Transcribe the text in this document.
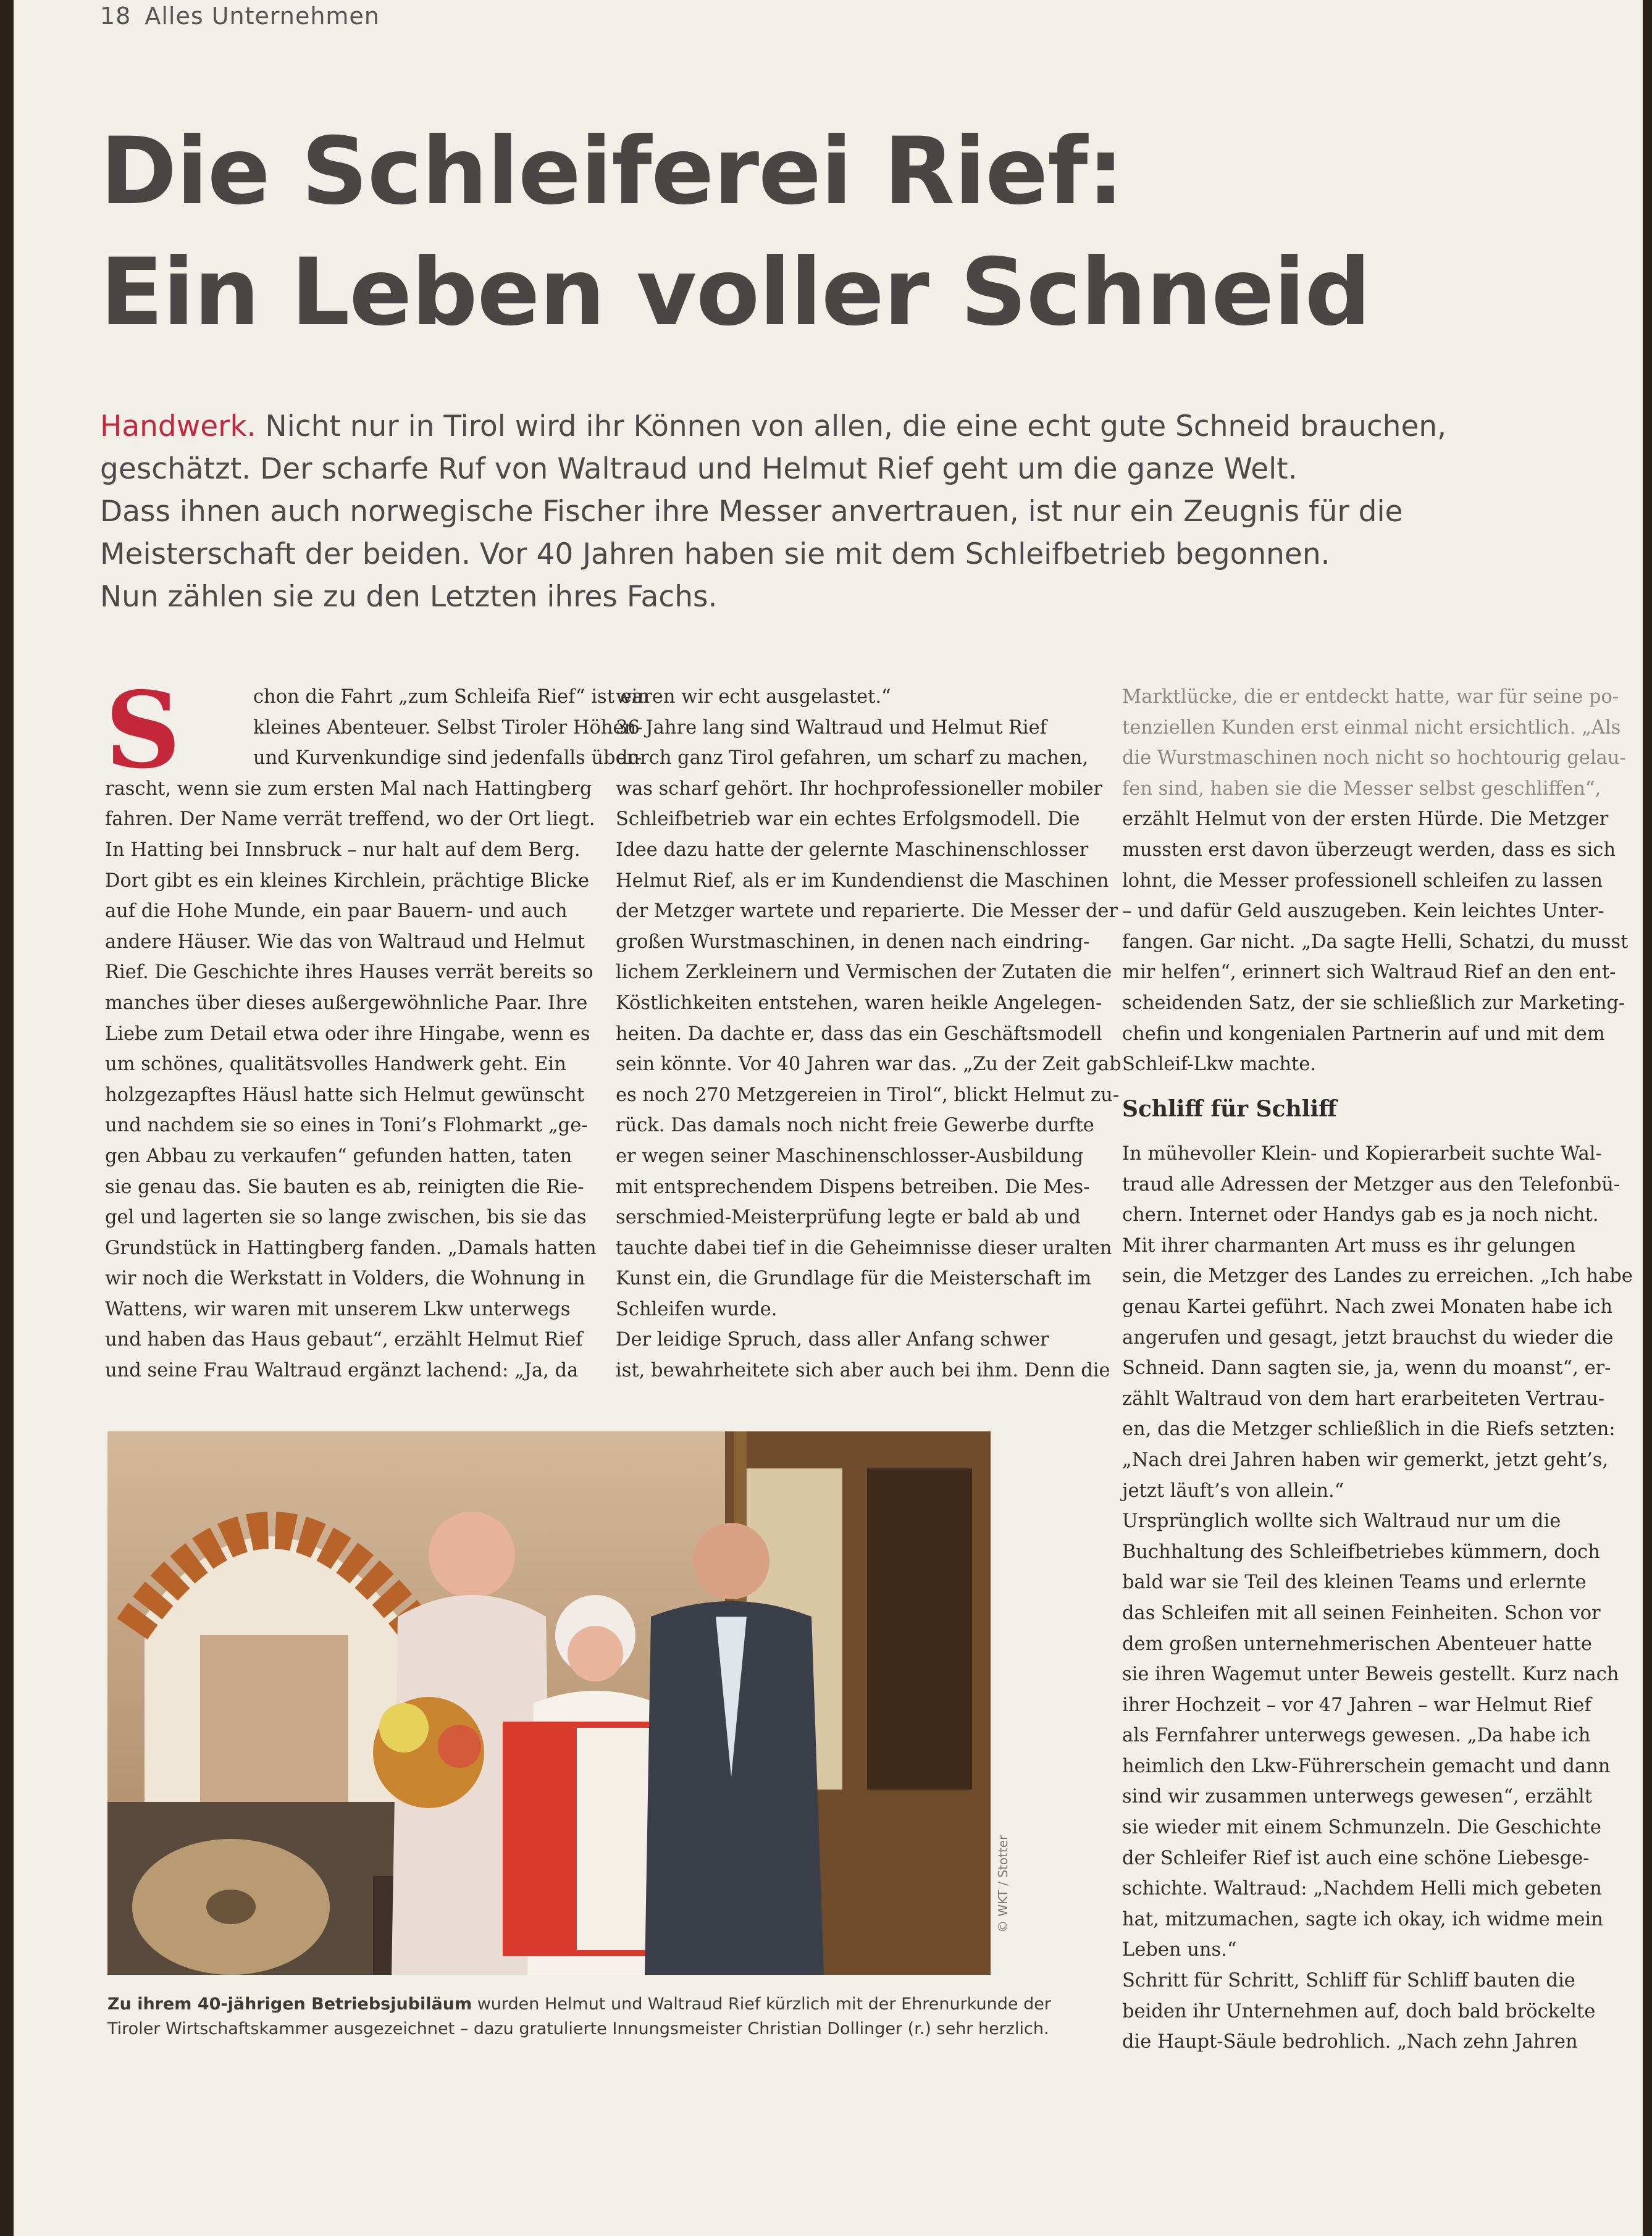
18 Alles Unternehmen
Die Schleiferei Rief:
Ein Leben voller Schneid
Handwerk. Nicht nur in Tirol wird ihr Können von allen, die eine echt gute Schneid brauchen,
geschätzt. Der scharfe Ruf von Waltraud und Helmut Rief geht um die ganze Welt.
Dass ihnen auch norwegische Fischer ihre Messer anvertrauen, ist nur ein Zeugnis für die
Meisterschaft der beiden. Vor 40 Jahren haben sie mit dem Schleifbetrieb begonnen.
Nun zählen sie zu den Letzten ihres Fachs.
S	chon die Fahrt „zum Schleifa Rief“ ist ein
kleines Abenteuer. Selbst Tiroler Höhen-
und Kurvenkundige sind jedenfalls über-
rascht, wenn sie zum ersten Mal nach Hattingberg
fahren. Der Name verrät treffend, wo der Ort liegt.
In Hatting bei Innsbruck – nur halt auf dem Berg.
Dort gibt es ein kleines Kirchlein, prächtige Blicke
auf die Hohe Munde, ein paar Bauern- und auch
andere Häuser. Wie das von Waltraud und Helmut
Rief. Die Geschichte ihres Hauses verrät bereits so
manches über dieses außergewöhnliche Paar. Ihre
Liebe zum Detail etwa oder ihre Hingabe, wenn es
um schönes, qualitätsvolles Handwerk geht. Ein
holzgezapftes Häusl hatte sich Helmut gewünscht
und nachdem sie so eines in Toni’s Flohmarkt „ge-
gen Abbau zu verkaufen“ gefunden hatten, taten
sie genau das. Sie bauten es ab, reinigten die Rie-
gel und lagerten sie so lange zwischen, bis sie das
Grundstück in Hattingberg fanden. „Damals hatten
wir noch die Werkstatt in Volders, die Wohnung in
Wattens, wir waren mit unserem Lkw unterwegs
und haben das Haus gebaut“, erzählt Helmut Rief
und seine Frau Waltraud ergänzt lachend: „Ja, da
waren wir echt ausgelastet.“
36 Jahre lang sind Waltraud und Helmut Rief
durch ganz Tirol gefahren, um scharf zu machen,
was scharf gehört. Ihr hochprofessioneller mobiler
Schleifbetrieb war ein echtes Erfolgsmodell. Die
Idee dazu hatte der gelernte Maschinenschlosser
Helmut Rief, als er im Kundendienst die Maschinen
der Metzger wartete und reparierte. Die Messer der
großen Wurstmaschinen, in denen nach eindring-
lichem Zerkleinern und Vermischen der Zutaten die
Köstlichkeiten entstehen, waren heikle Angelegen-
heiten. Da dachte er, dass das ein Geschäftsmodell
sein könnte. Vor 40 Jahren war das. „Zu der Zeit gab
es noch 270 Metzgereien in Tirol“, blickt Helmut zu-
rück. Das damals noch nicht freie Gewerbe durfte
er wegen seiner Maschinenschlosser-Ausbildung
mit entsprechendem Dispens betreiben. Die Mes-
serschmied-Meisterprüfung legte er bald ab und
tauchte dabei tief in die Geheimnisse dieser uralten
Kunst ein, die Grundlage für die Meisterschaft im
Schleifen wurde.
Der leidige Spruch, dass aller Anfang schwer
ist, bewahrheitete sich aber auch bei ihm. Denn die
Marktlücke, die er entdeckt hatte, war für seine po-
tenziellen Kunden erst einmal nicht ersichtlich. „Als
die Wurstmaschinen noch nicht so hochtourig gelau-
fen sind, haben sie die Messer selbst geschliffen“,
erzählt Helmut von der ersten Hürde. Die Metzger
mussten erst davon überzeugt werden, dass es sich
lohnt, die Messer professionell schleifen zu lassen
– und dafür Geld auszugeben. Kein leichtes Unter-
fangen. Gar nicht. „Da sagte Helli, Schatzi, du musst
mir helfen“, erinnert sich Waltraud Rief an den ent-
scheidenden Satz, der sie schließlich zur Marketing-
chefin und kongenialen Partnerin auf und mit dem
Schleif-Lkw machte.
Schliff für Schliff
In mühevoller Klein- und Kopierarbeit suchte Wal-
traud alle Adressen der Metzger aus den Telefonbü-
chern. Internet oder Handys gab es ja noch nicht.
Mit ihrer charmanten Art muss es ihr gelungen
sein, die Metzger des Landes zu erreichen. „Ich habe
genau Kartei geführt. Nach zwei Monaten habe ich
angerufen und gesagt, jetzt brauchst du wieder die
Schneid. Dann sagten sie, ja, wenn du moanst“, er-
zählt Waltraud von dem hart erarbeiteten Vertrau-
en, das die Metzger schließlich in die Riefs setzten:
„Nach drei Jahren haben wir gemerkt, jetzt geht’s,
jetzt läuft’s von allein.“
Ursprünglich wollte sich Waltraud nur um die
Buchhaltung des Schleifbetriebes kümmern, doch
bald war sie Teil des kleinen Teams und erlernte
das Schleifen mit all seinen Feinheiten. Schon vor
dem großen unternehmerischen Abenteuer hatte
sie ihren Wagemut unter Beweis gestellt. Kurz nach
ihrer Hochzeit – vor 47 Jahren – war Helmut Rief
als Fernfahrer unterwegs gewesen. „Da habe ich
heimlich den Lkw-Führerschein gemacht und dann
sind wir zusammen unterwegs gewesen“, erzählt
sie wieder mit einem Schmunzeln. Die Geschichte
der Schleifer Rief ist auch eine schöne Liebesge-
schichte. Waltraud: „Nachdem Helli mich gebeten
hat, mitzumachen, sagte ich okay, ich widme mein
Leben uns.“
Schritt für Schritt, Schliff für Schliff bauten die
beiden ihr Unternehmen auf, doch bald bröckelte
die Haupt-Säule bedrohlich. „Nach zehn Jahren
© WKT / Stotter
Zu ihrem 40-jährigen Betriebsjubiläum wurden Helmut und Waltraud Rief kürzlich mit der Ehrenurkunde der
Tiroler Wirtschaftskammer ausgezeichnet – dazu gratulierte Innungsmeister Christian Dollinger (r.) sehr herzlich.
